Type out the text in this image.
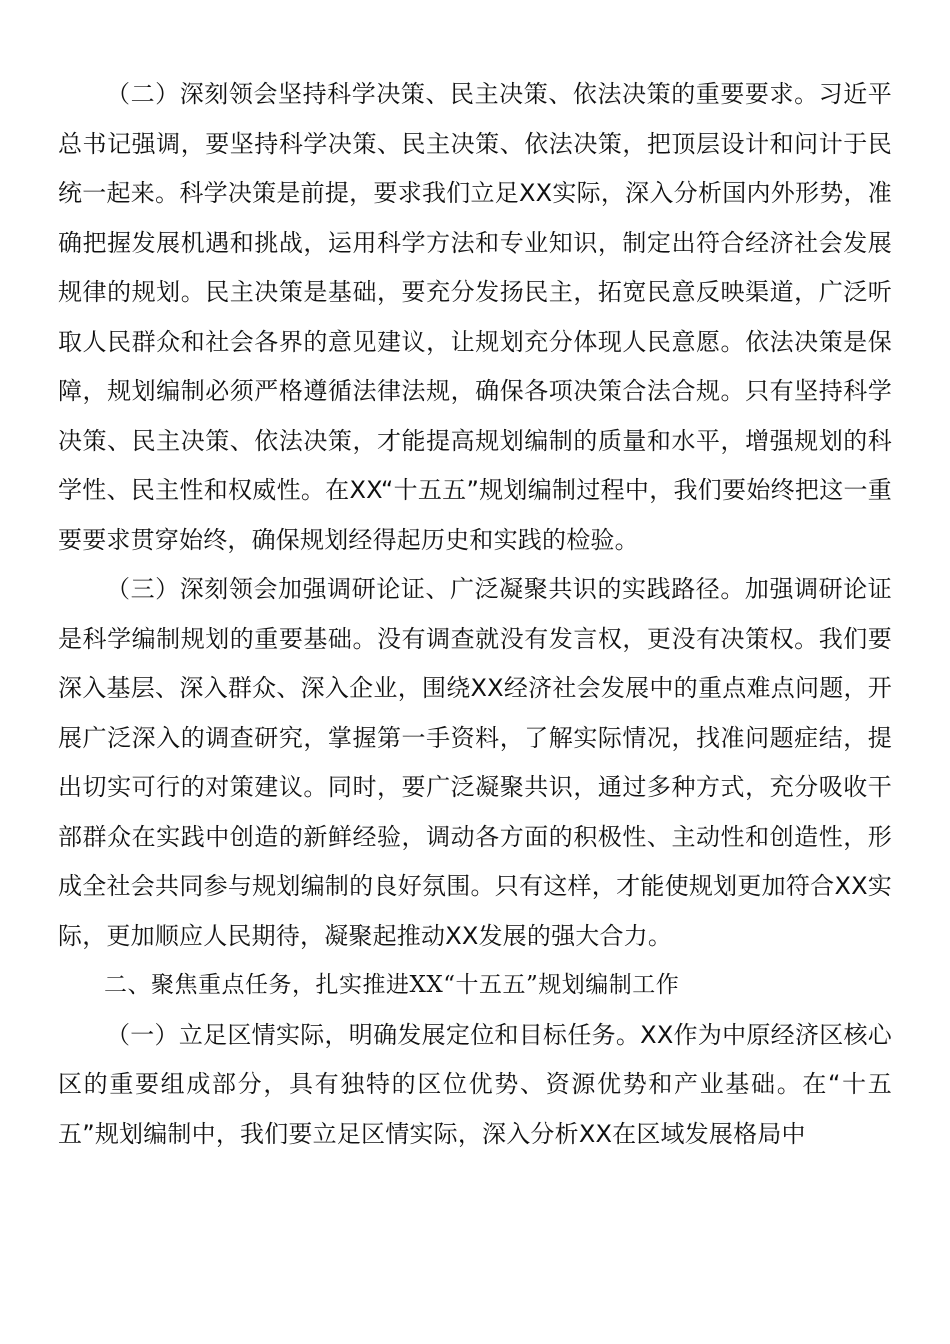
（二）深刻领会坚持科学决策、民主决策、依法决策的重要要求。习近平总书记强调，要坚持科学决策、民主决策、依法决策，把顶层设计和问计于民统一起来。科学决策是前提，要求我们立足XX实际，深入分析国内外形势，准确把握发展机遇和挑战，运用科学方法和专业知识，制定出符合经济社会发展规律的规划。民主决策是基础，要充分发扬民主，拓宽民意反映渠道，广泛听取人民群众和社会各界的意见建议，让规划充分体现人民意愿。依法决策是保障，规划编制必须严格遵循法律法规，确保各项决策合法合规。只有坚持科学决策、民主决策、依法决策，才能提高规划编制的质量和水平，增强规划的科学性、民主性和权威性。在XX“十五五”规划编制过程中，我们要始终把这一重要要求贯穿始终，确保规划经得起历史和实践的检验。

（三）深刻领会加强调研论证、广泛凝聚共识的实践路径。加强调研论证是科学编制规划的重要基础。没有调查就没有发言权，更没有决策权。我们要深入基层、深入群众、深入企业，围绕XX经济社会发展中的重点难点问题，开展广泛深入的调查研究，掌握第一手资料，了解实际情况，找准问题症结，提出切实可行的对策建议。同时，要广泛凝聚共识，通过多种方式，充分吸收干部群众在实践中创造的新鲜经验，调动各方面的积极性、主动性和创造性，形成全社会共同参与规划编制的良好氛围。只有这样，才能使规划更加符合XX实际，更加顺应人民期待，凝聚起推动XX发展的强大合力。

二、聚焦重点任务，扎实推进XX“十五五”规划编制工作

（一）立足区情实际，明确发展定位和目标任务。XX作为中原经济区核心区的重要组成部分，具有独特的区位优势、资源优势和产业基础。在“十五五”规划编制中，我们要立足区情实际，深入分析XX在区域发展格局中
